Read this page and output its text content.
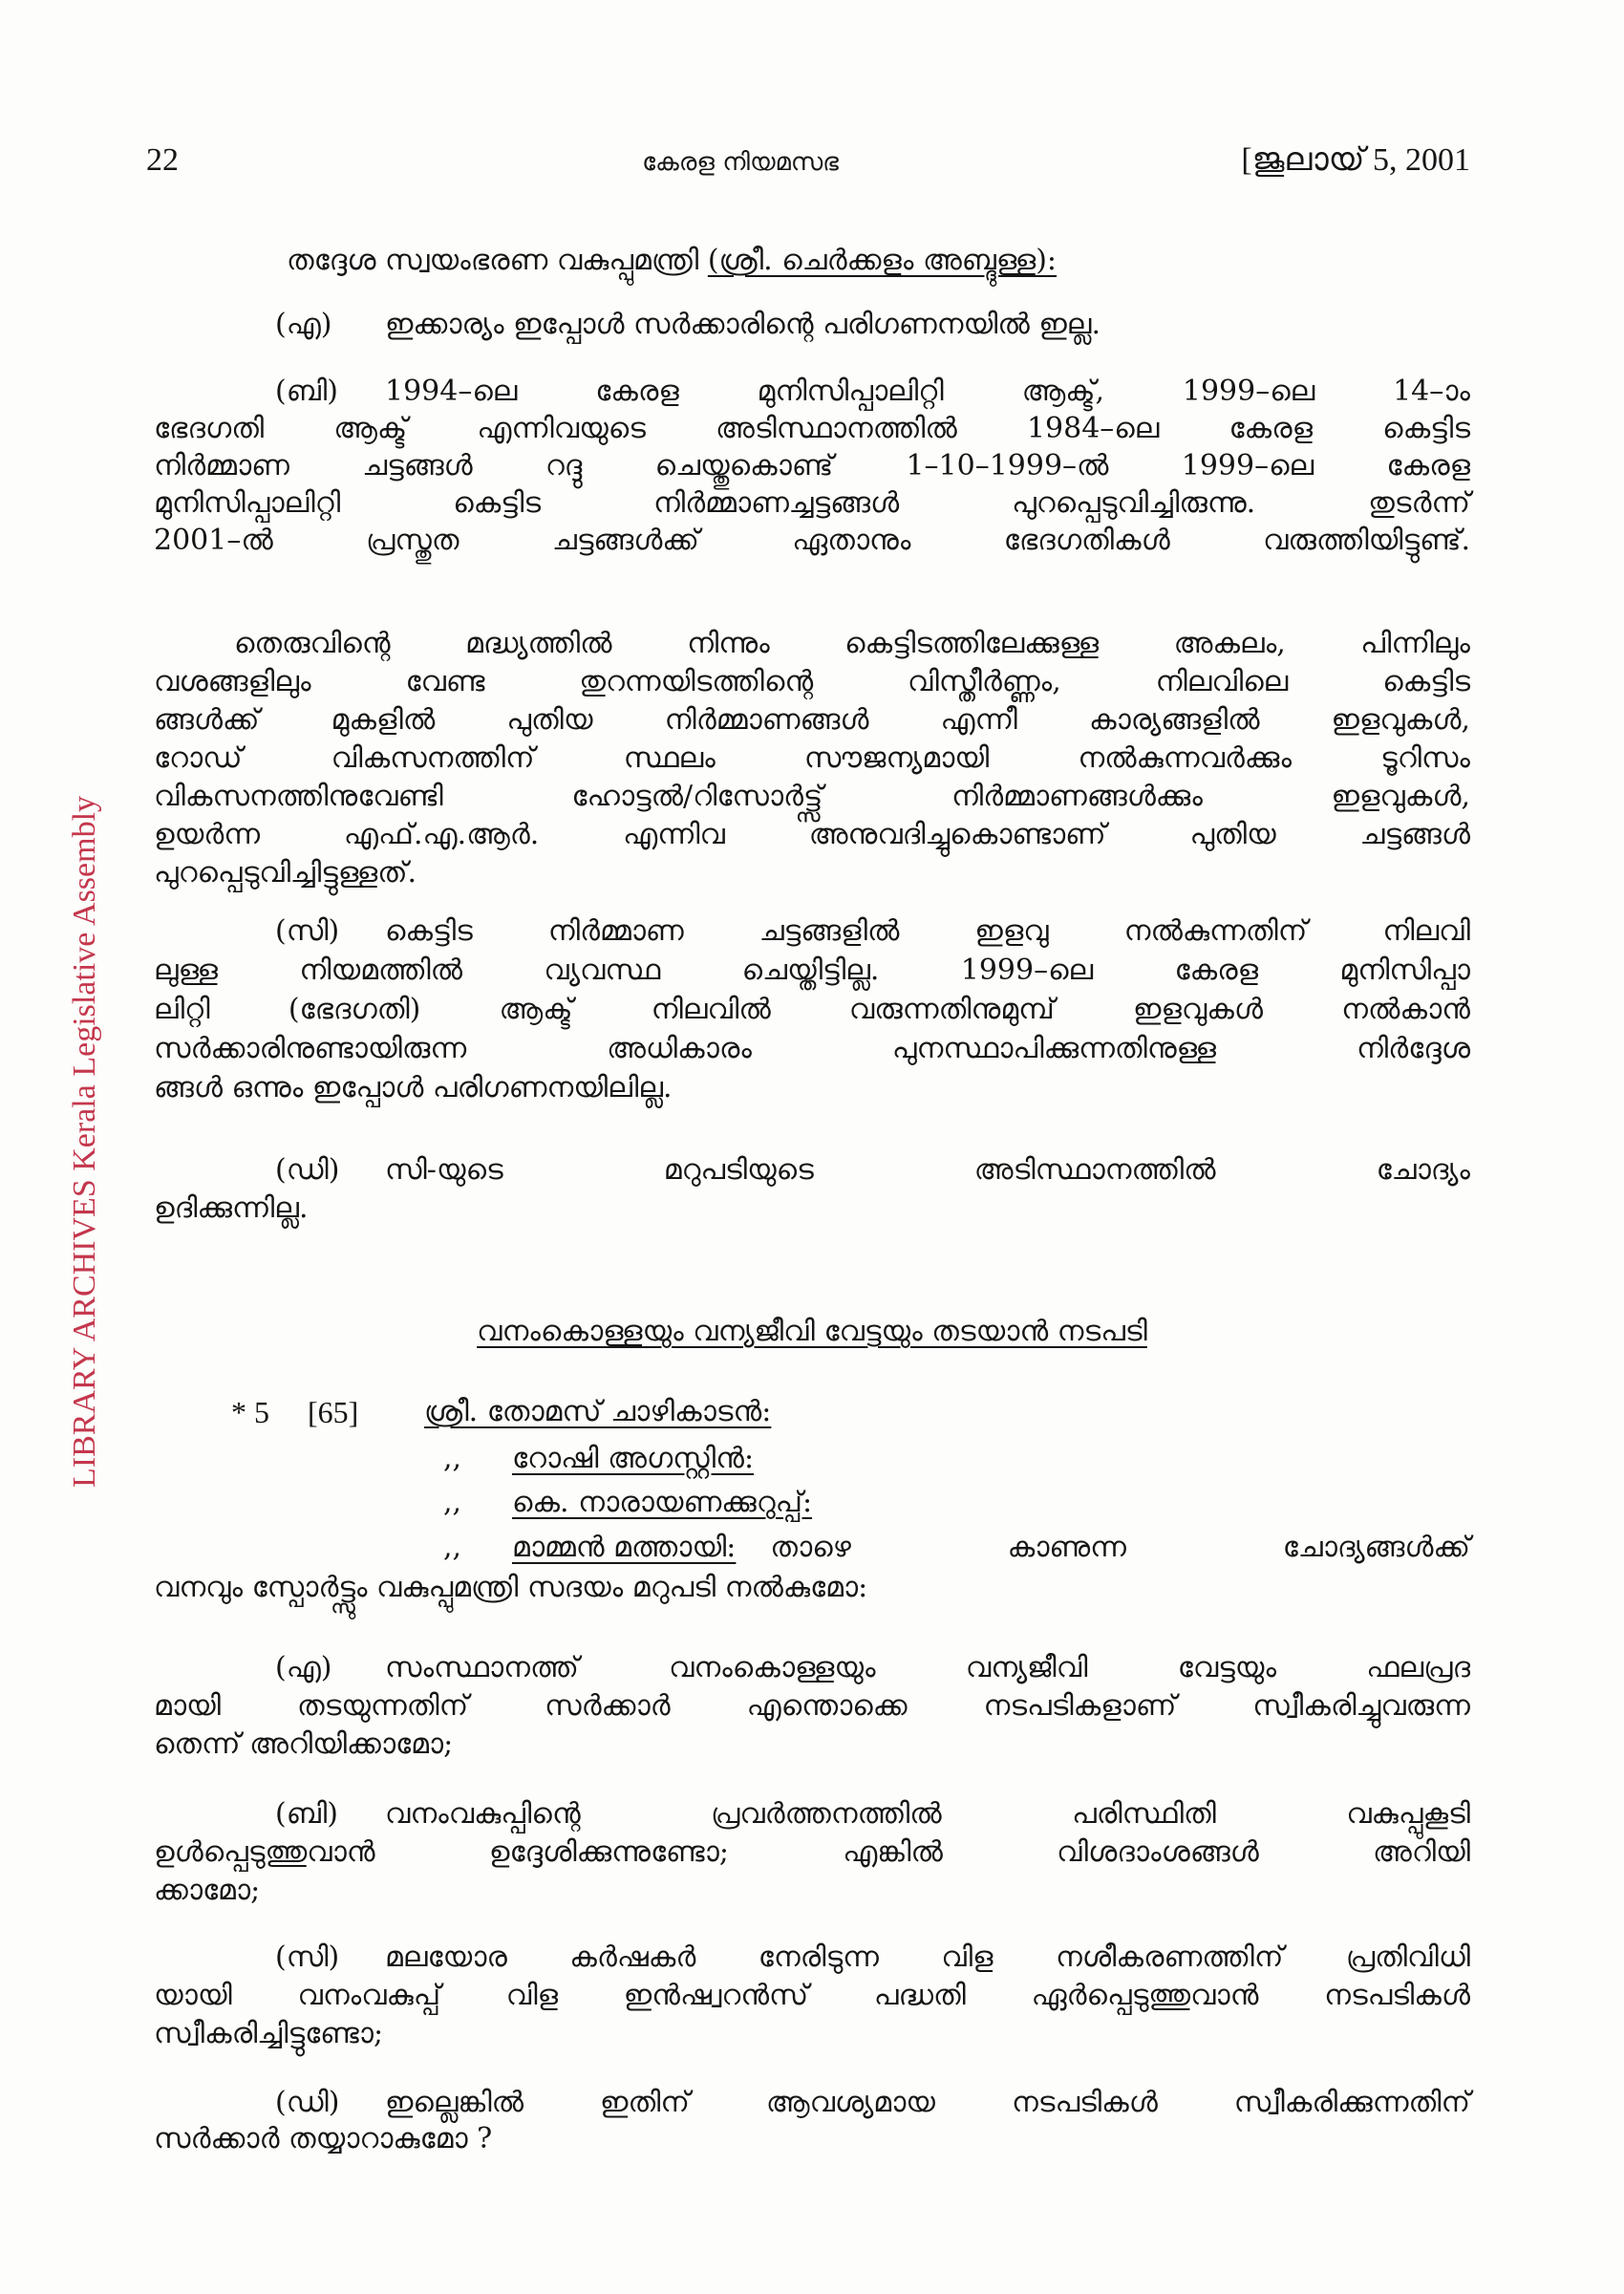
LIBRARY ARCHIVES Kerala Legislative Assembly
22	കേരള നിയമസഭ	[ജൂലായ് 5, 2001
തദ്ദേശ സ്വയംഭരണ വകുപ്പുമന്ത്രി (ശ്രീ. ചെർക്കളം അബ്ദുള്ള):
(എ)	ഇക്കാര്യം ഇപ്പോൾ സർക്കാരിന്റെ പരിഗണനയിൽ ഇല്ല.
(ബി)	1994–ലെ കേരള മുനിസിപ്പാലിറ്റി ആക്ട്, 1999–ലെ 14–ാം
ഭേദഗതി ആക്ട് എന്നിവയുടെ അടിസ്ഥാനത്തിൽ 1984–ലെ കേരള കെട്ടിട
നിർമ്മാണ ചട്ടങ്ങൾ റദ്ദു ചെയ്തുകൊണ്ട് 1–10–1999–ൽ 1999–ലെ കേരള
മുനിസിപ്പാലിറ്റി കെട്ടിട നിർമ്മാണച്ചട്ടങ്ങൾ പുറപ്പെടുവിച്ചിരുന്നു. തുടർന്ന്
2001–ൽ പ്രസ്തുത ചട്ടങ്ങൾക്ക് ഏതാനും ഭേദഗതികൾ വരുത്തിയിട്ടുണ്ട്.
തെരുവിന്റെ മദ്ധ്യത്തിൽ നിന്നും കെട്ടിടത്തിലേക്കുള്ള അകലം, പിന്നിലും
വശങ്ങളിലും വേണ്ട തുറന്നയിടത്തിന്റെ വിസ്തീർണ്ണം, നിലവിലെ കെട്ടിട
ങ്ങൾക്ക് മുകളിൽ പുതിയ നിർമ്മാണങ്ങൾ എന്നീ കാര്യങ്ങളിൽ ഇളവുകൾ,
റോഡ് വികസനത്തിന് സ്ഥലം സൗജന്യമായി നൽകുന്നവർക്കും ടൂറിസം
വികസനത്തിനുവേണ്ടി ഹോട്ടൽ/റിസോർട്ട്സ് നിർമ്മാണങ്ങൾക്കും ഇളവുകൾ,
ഉയർന്ന എഫ്.എ.ആർ. എന്നിവ അനുവദിച്ചുകൊണ്ടാണ് പുതിയ ചട്ടങ്ങൾ
പുറപ്പെടുവിച്ചിട്ടുള്ളത്.
(സി)	കെട്ടിട നിർമ്മാണ ചട്ടങ്ങളിൽ ഇളവു നൽകുന്നതിന് നിലവി
ലുള്ള നിയമത്തിൽ വ്യവസ്ഥ ചെയ്തിട്ടില്ല. 1999–ലെ കേരള മുനിസിപ്പാ
ലിറ്റി (ഭേദഗതി) ആക്ട് നിലവിൽ വരുന്നതിനുമുമ്പ് ഇളവുകൾ നൽകാൻ
സർക്കാരിനുണ്ടായിരുന്ന അധികാരം പുനസ്ഥാപിക്കുന്നതിനുള്ള നിർദ്ദേശ
ങ്ങൾ ഒന്നും ഇപ്പോൾ പരിഗണനയിലില്ല.
(ഡി)	സി-യുടെ മറുപടിയുടെ അടിസ്ഥാനത്തിൽ ചോദ്യം
ഉദിക്കുന്നില്ല.
വനംകൊള്ളയും വന്യജീവി വേട്ടയും തടയാൻ നടപടി
* 5	[65]	ശ്രീ. തോമസ് ചാഴികാടൻ:
,,	റോഷി അഗസ്റ്റിൻ:
,,	കെ. നാരായണക്കുറുപ്പ്:
,,	മാമ്മൻ മത്തായി: താഴെ കാണുന്ന ചോദ്യങ്ങൾക്ക്
വനവും സ്പോർട്ട്സും വകുപ്പുമന്ത്രി സദയം മറുപടി നൽകുമോ:
(എ)	സംസ്ഥാനത്ത് വനംകൊള്ളയും വന്യജീവി വേട്ടയും ഫലപ്രദ
മായി തടയുന്നതിന് സർക്കാർ എന്തൊക്കെ നടപടികളാണ് സ്വീകരിച്ചുവരുന്ന
തെന്ന് അറിയിക്കാമോ;
(ബി)	വനംവകുപ്പിന്റെ പ്രവർത്തനത്തിൽ പരിസ്ഥിതി വകുപ്പുകൂടി
ഉൾപ്പെടുത്തുവാൻ ഉദ്ദേശിക്കുന്നുണ്ടോ; എങ്കിൽ വിശദാംശങ്ങൾ അറിയി
ക്കാമോ;
(സി)	മലയോര കർഷകർ നേരിടുന്ന വിള നശീകരണത്തിന് പ്രതിവിധി
യായി വനംവകുപ്പ് വിള ഇൻഷ്വറൻസ് പദ്ധതി ഏർപ്പെടുത്തുവാൻ നടപടികൾ
സ്വീകരിച്ചിട്ടുണ്ടോ;
(ഡി)	ഇല്ലെങ്കിൽ ഇതിന് ആവശ്യമായ നടപടികൾ സ്വീകരിക്കുന്നതിന്
സർക്കാർ തയ്യാറാകുമോ ?
